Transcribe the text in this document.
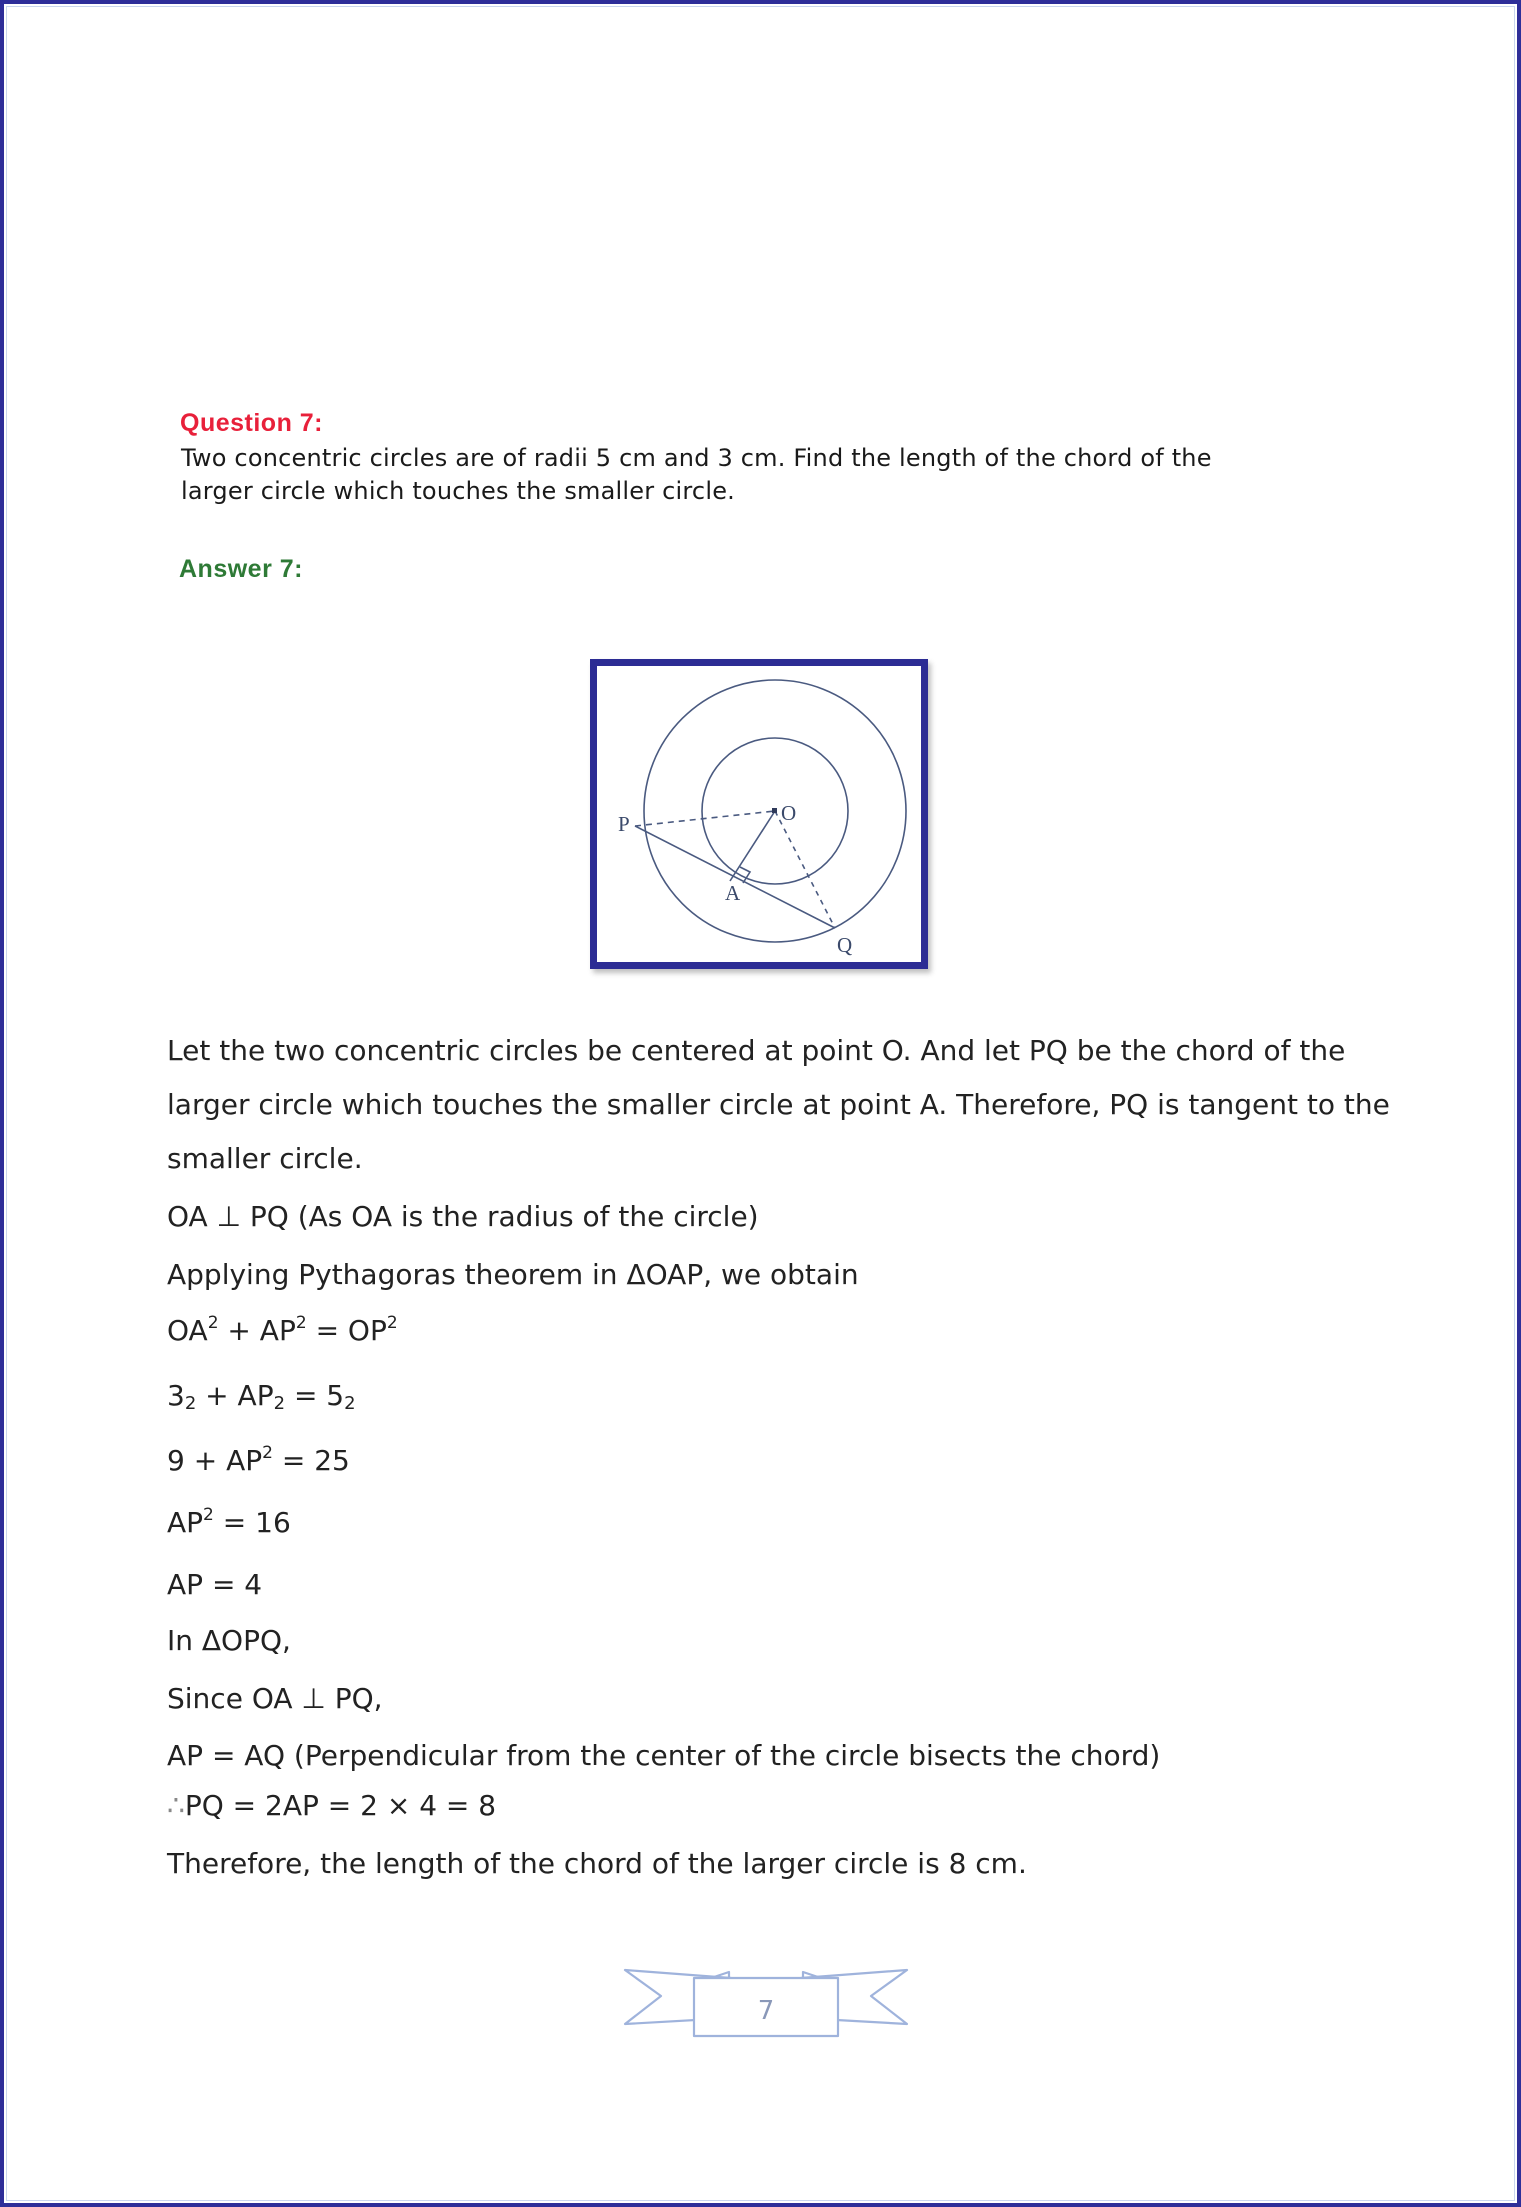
Question 7:
Two concentric circles are of radii 5 cm and 3 cm. Find the length of the chord of the
larger circle which touches the smaller circle.
Answer 7:
P	O
A
Q
Let the two concentric circles be centered at point O. And let PQ be the chord of the
larger circle which touches the smaller circle at point A. Therefore, PQ is tangent to the
smaller circle.
OA ⊥ PQ (As OA is the radius of the circle)
Applying Pythagoras theorem in ΔOAP, we obtain
$OA^2 + AP^2 = OP^2$
$3_2 + AP_2 = 5_2$
$9 + AP^2 = 25$
$AP^2 = 16$
AP = 4
In ΔOPQ,
Since OA ⊥ PQ,
AP = AQ (Perpendicular from the center of the circle bisects the chord)
∴PQ = 2AP = 2 × 4 = 8
Therefore, the length of the chord of the larger circle is 8 cm.
7
